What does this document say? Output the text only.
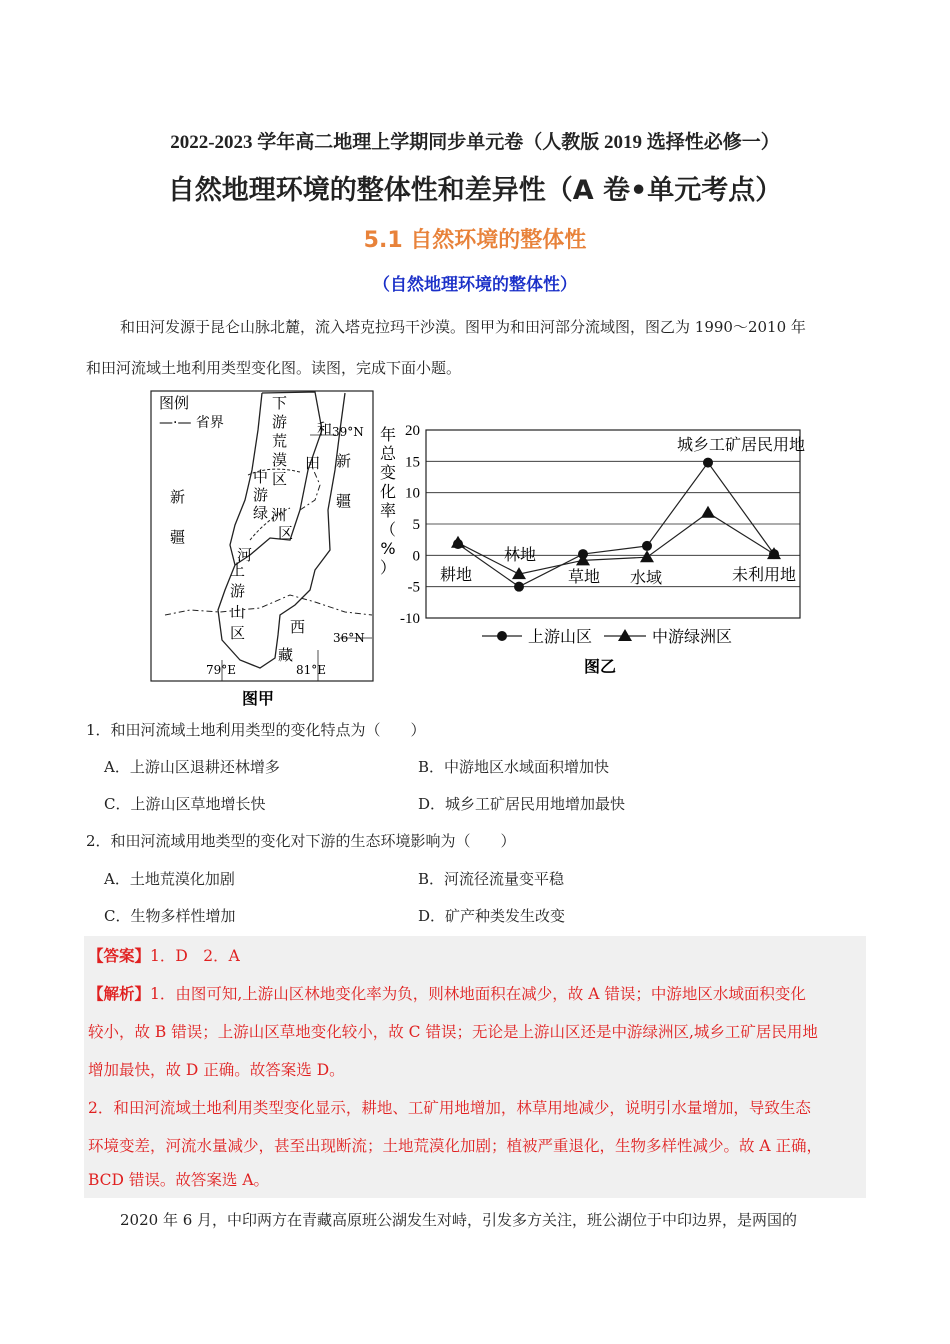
2022-2023 学年高二地理上学期同步单元卷（人教版 2019 选择性必修一）
自然地理环境的整体性和差异性（A 卷•单元考点）
5.1 自然环境的整体性
（自然地理环境的整体性）
和田河发源于昆仑山脉北麓，流入塔克拉玛干沙漠。图甲为和田河部分流域图，图乙为 1990～2010 年
和田河流域土地利用类型变化图。读图，完成下面小题。
图例
—·— 省界
39°N
36°N
79°E	81°E
下
游
荒
漠
区
中
游
绿 洲
区
上
游
山
区
和
田
河
新
疆
新
疆
西
藏
图甲
-10
-5
0
5
10
15
20
年
总
变
化
率
（
%
）	耕地
林地
草地 水域
城乡工矿居民用地
未利用地
上游山区	中游绿洲区
图乙
1．和田河流域土地利用类型的变化特点为（　　）
A．上游山区退耕还林增多	B．中游地区水域面积增加快
C．上游山区草地增长快	D．城乡工矿居民用地增加最快
2．和田河流域用地类型的变化对下游的生态环境影响为（　　）
A．土地荒漠化加剧	B．河流径流量变平稳
C．生物多样性增加	D．矿产种类发生改变
【答案】1．D　2．A
【解析】1．由图可知,上游山区林地变化率为负，则林地面积在减少，故 A 错误；中游地区水域面积变化
较小，故 B 错误；上游山区草地变化较小，故 C 错误；无论是上游山区还是中游绿洲区,城乡工矿居民用地
增加最快，故 D 正确。故答案选 D。
2．和田河流域土地利用类型变化显示，耕地、工矿用地增加，林草用地减少，说明引水量增加，导致生态
环境变差，河流水量减少，甚至出现断流；土地荒漠化加剧；植被严重退化，生物多样性减少。故 A 正确，
BCD 错误。故答案选 A。
2020 年 6 月，中印两方在青藏高原班公湖发生对峙，引发多方关注，班公湖位于中印边界，是两国的
